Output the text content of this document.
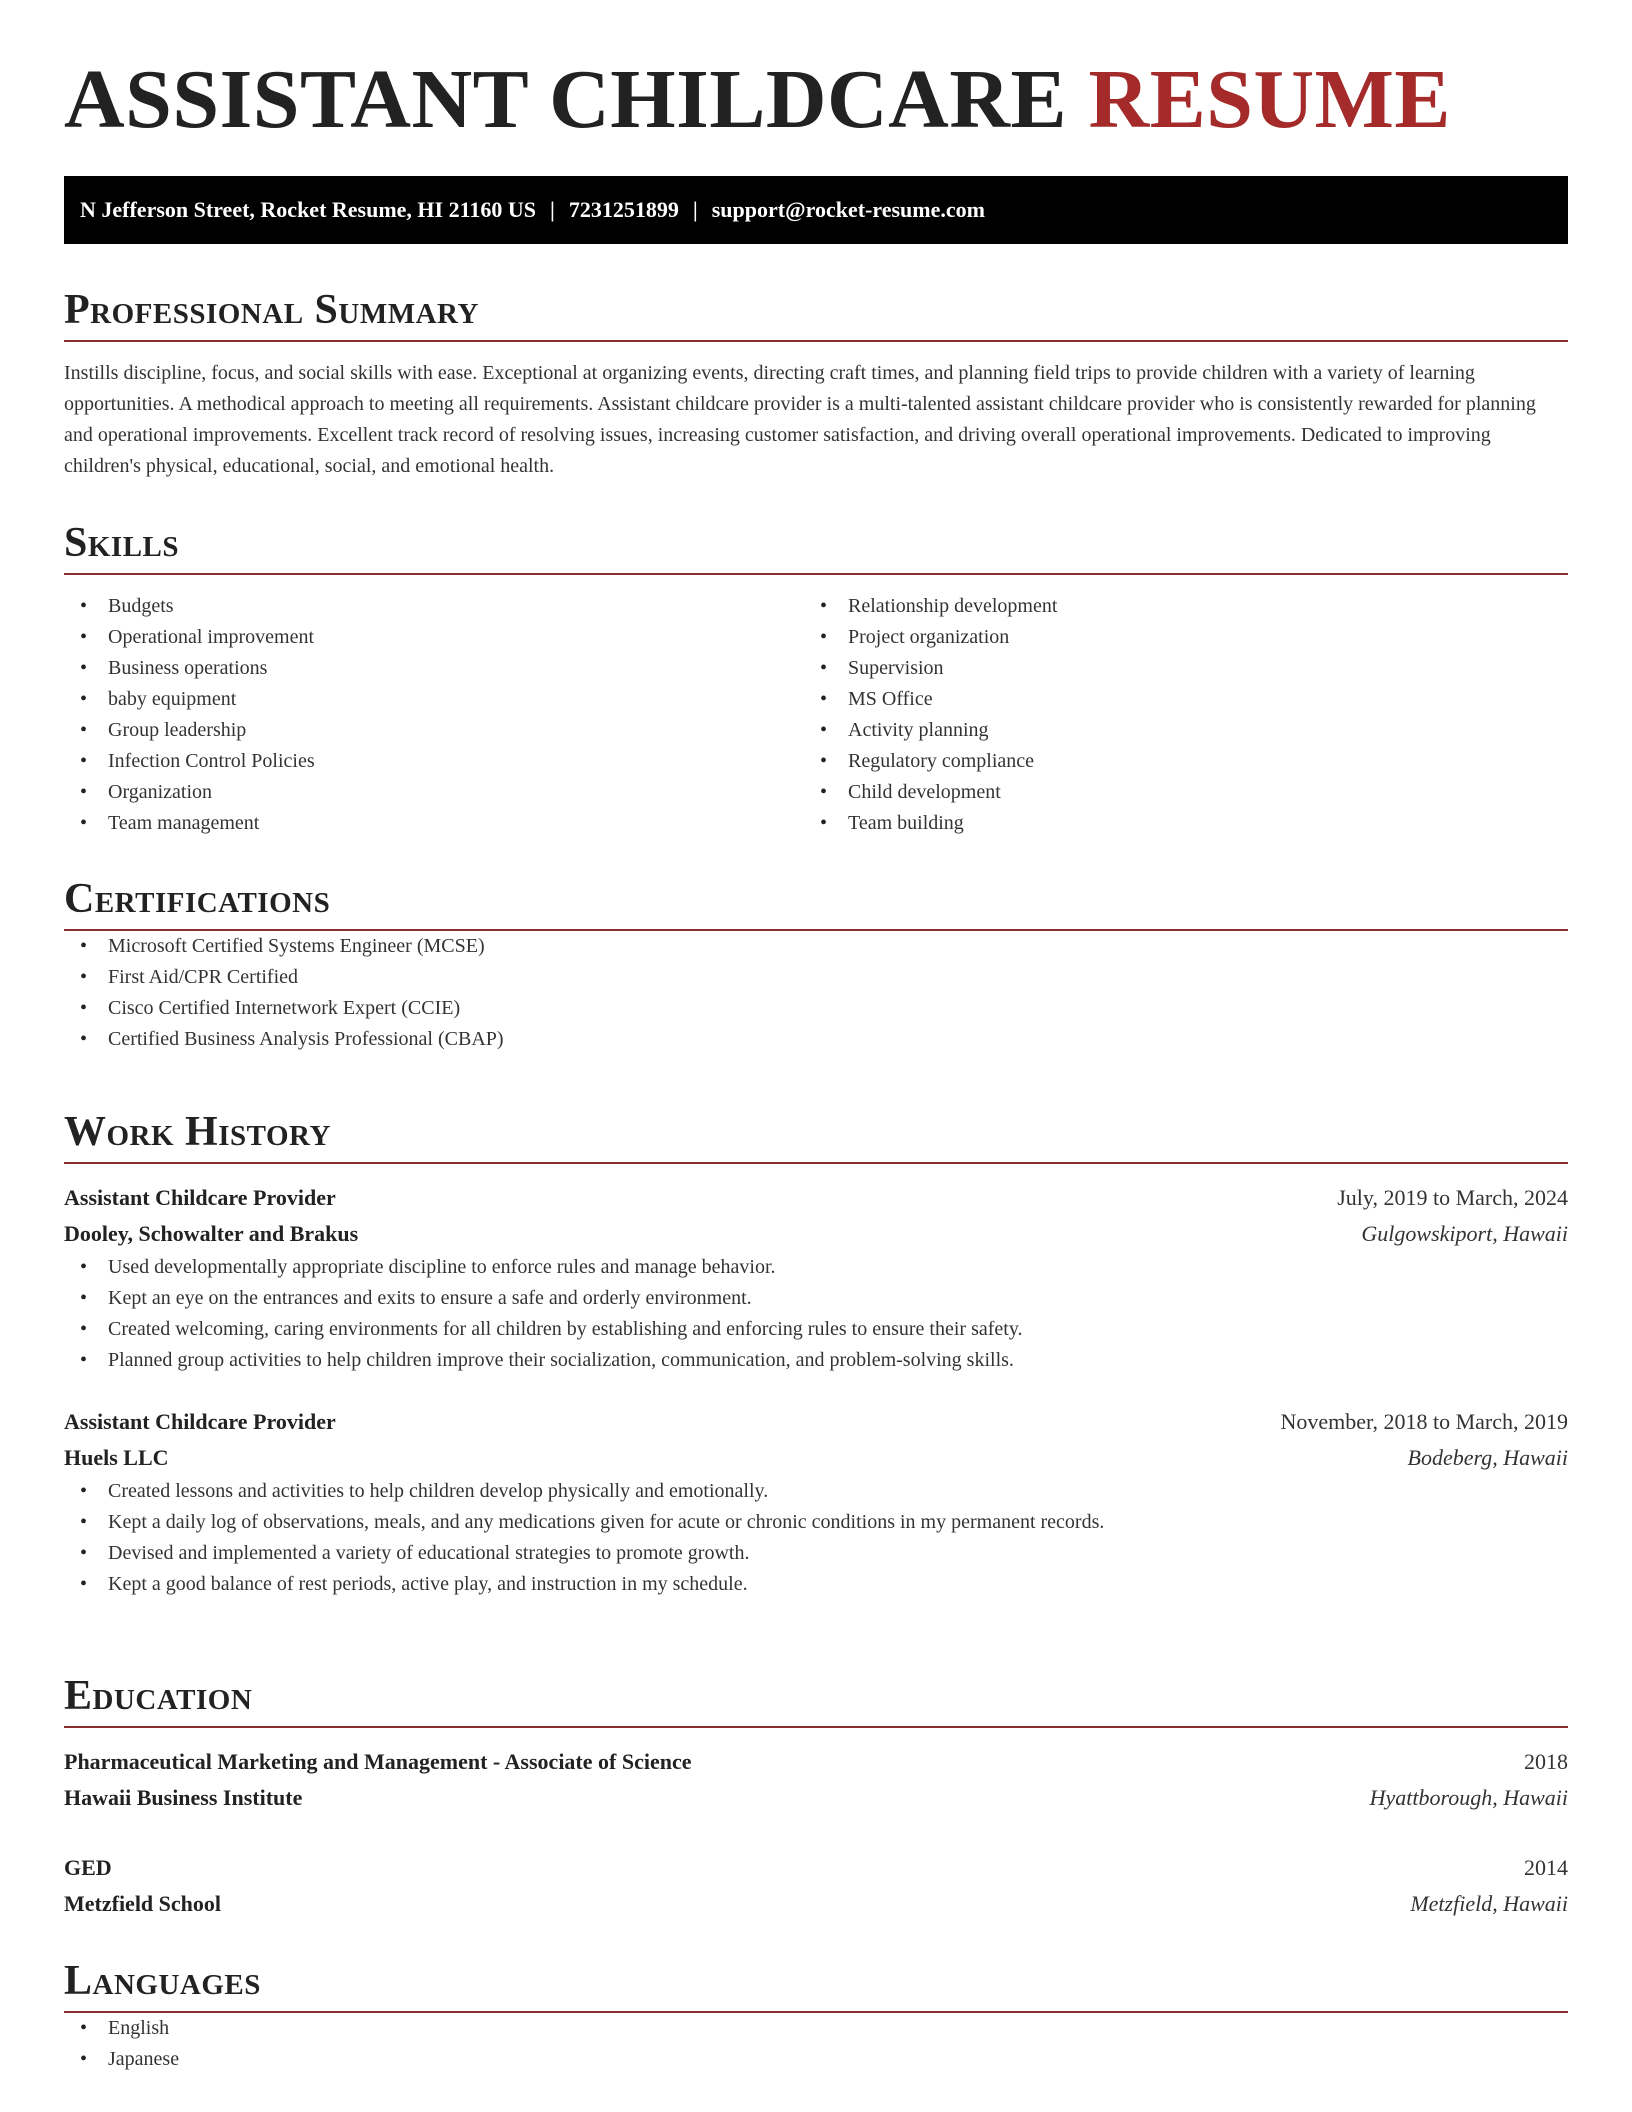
ASSISTANT CHILDCARE RESUME
N Jefferson Street, Rocket Resume, HI 21160 US | 7231251899 | support@rocket-resume.com
Professional Summary

Instills discipline, focus, and social skills with ease. Exceptional at organizing events, directing craft times, and planning field trips to provide children with a variety of learning opportunities. A methodical approach to meeting all requirements. Assistant childcare provider is a multi-talented assistant childcare provider who is consistently rewarded for planning and operational improvements. Excellent track record of resolving issues, increasing customer satisfaction, and driving overall operational improvements. Dedicated to improving children's physical, educational, social, and emotional health.

Skills
• Budgets
• Operational improvement
• Business operations
• baby equipment
• Group leadership
• Infection Control Policies
• Organization
• Team management
• Relationship development
• Project organization
• Supervision
• MS Office
• Activity planning
• Regulatory compliance
• Child development
• Team building
Certifications
• Microsoft Certified Systems Engineer (MCSE)
• First Aid/CPR Certified
• Cisco Certified Internetwork Expert (CCIE)
• Certified Business Analysis Professional (CBAP)
Work History
Assistant Childcare Provider	July, 2019 to March, 2024
Dooley, Schowalter and Brakus	Gulgowskiport, Hawaii
• Used developmentally appropriate discipline to enforce rules and manage behavior.
• Kept an eye on the entrances and exits to ensure a safe and orderly environment.
• Created welcoming, caring environments for all children by establishing and enforcing rules to ensure their safety.
• Planned group activities to help children improve their socialization, communication, and problem-solving skills.
Assistant Childcare Provider	November, 2018 to March, 2019
Huels LLC	Bodeberg, Hawaii
• Created lessons and activities to help children develop physically and emotionally.
• Kept a daily log of observations, meals, and any medications given for acute or chronic conditions in my permanent records.
• Devised and implemented a variety of educational strategies to promote growth.
• Kept a good balance of rest periods, active play, and instruction in my schedule.
Education
Pharmaceutical Marketing and Management - Associate of Science	2018
Hawaii Business Institute	Hyattborough, Hawaii
GED	2014
Metzfield School	Metzfield, Hawaii
Languages
• English
• Japanese
